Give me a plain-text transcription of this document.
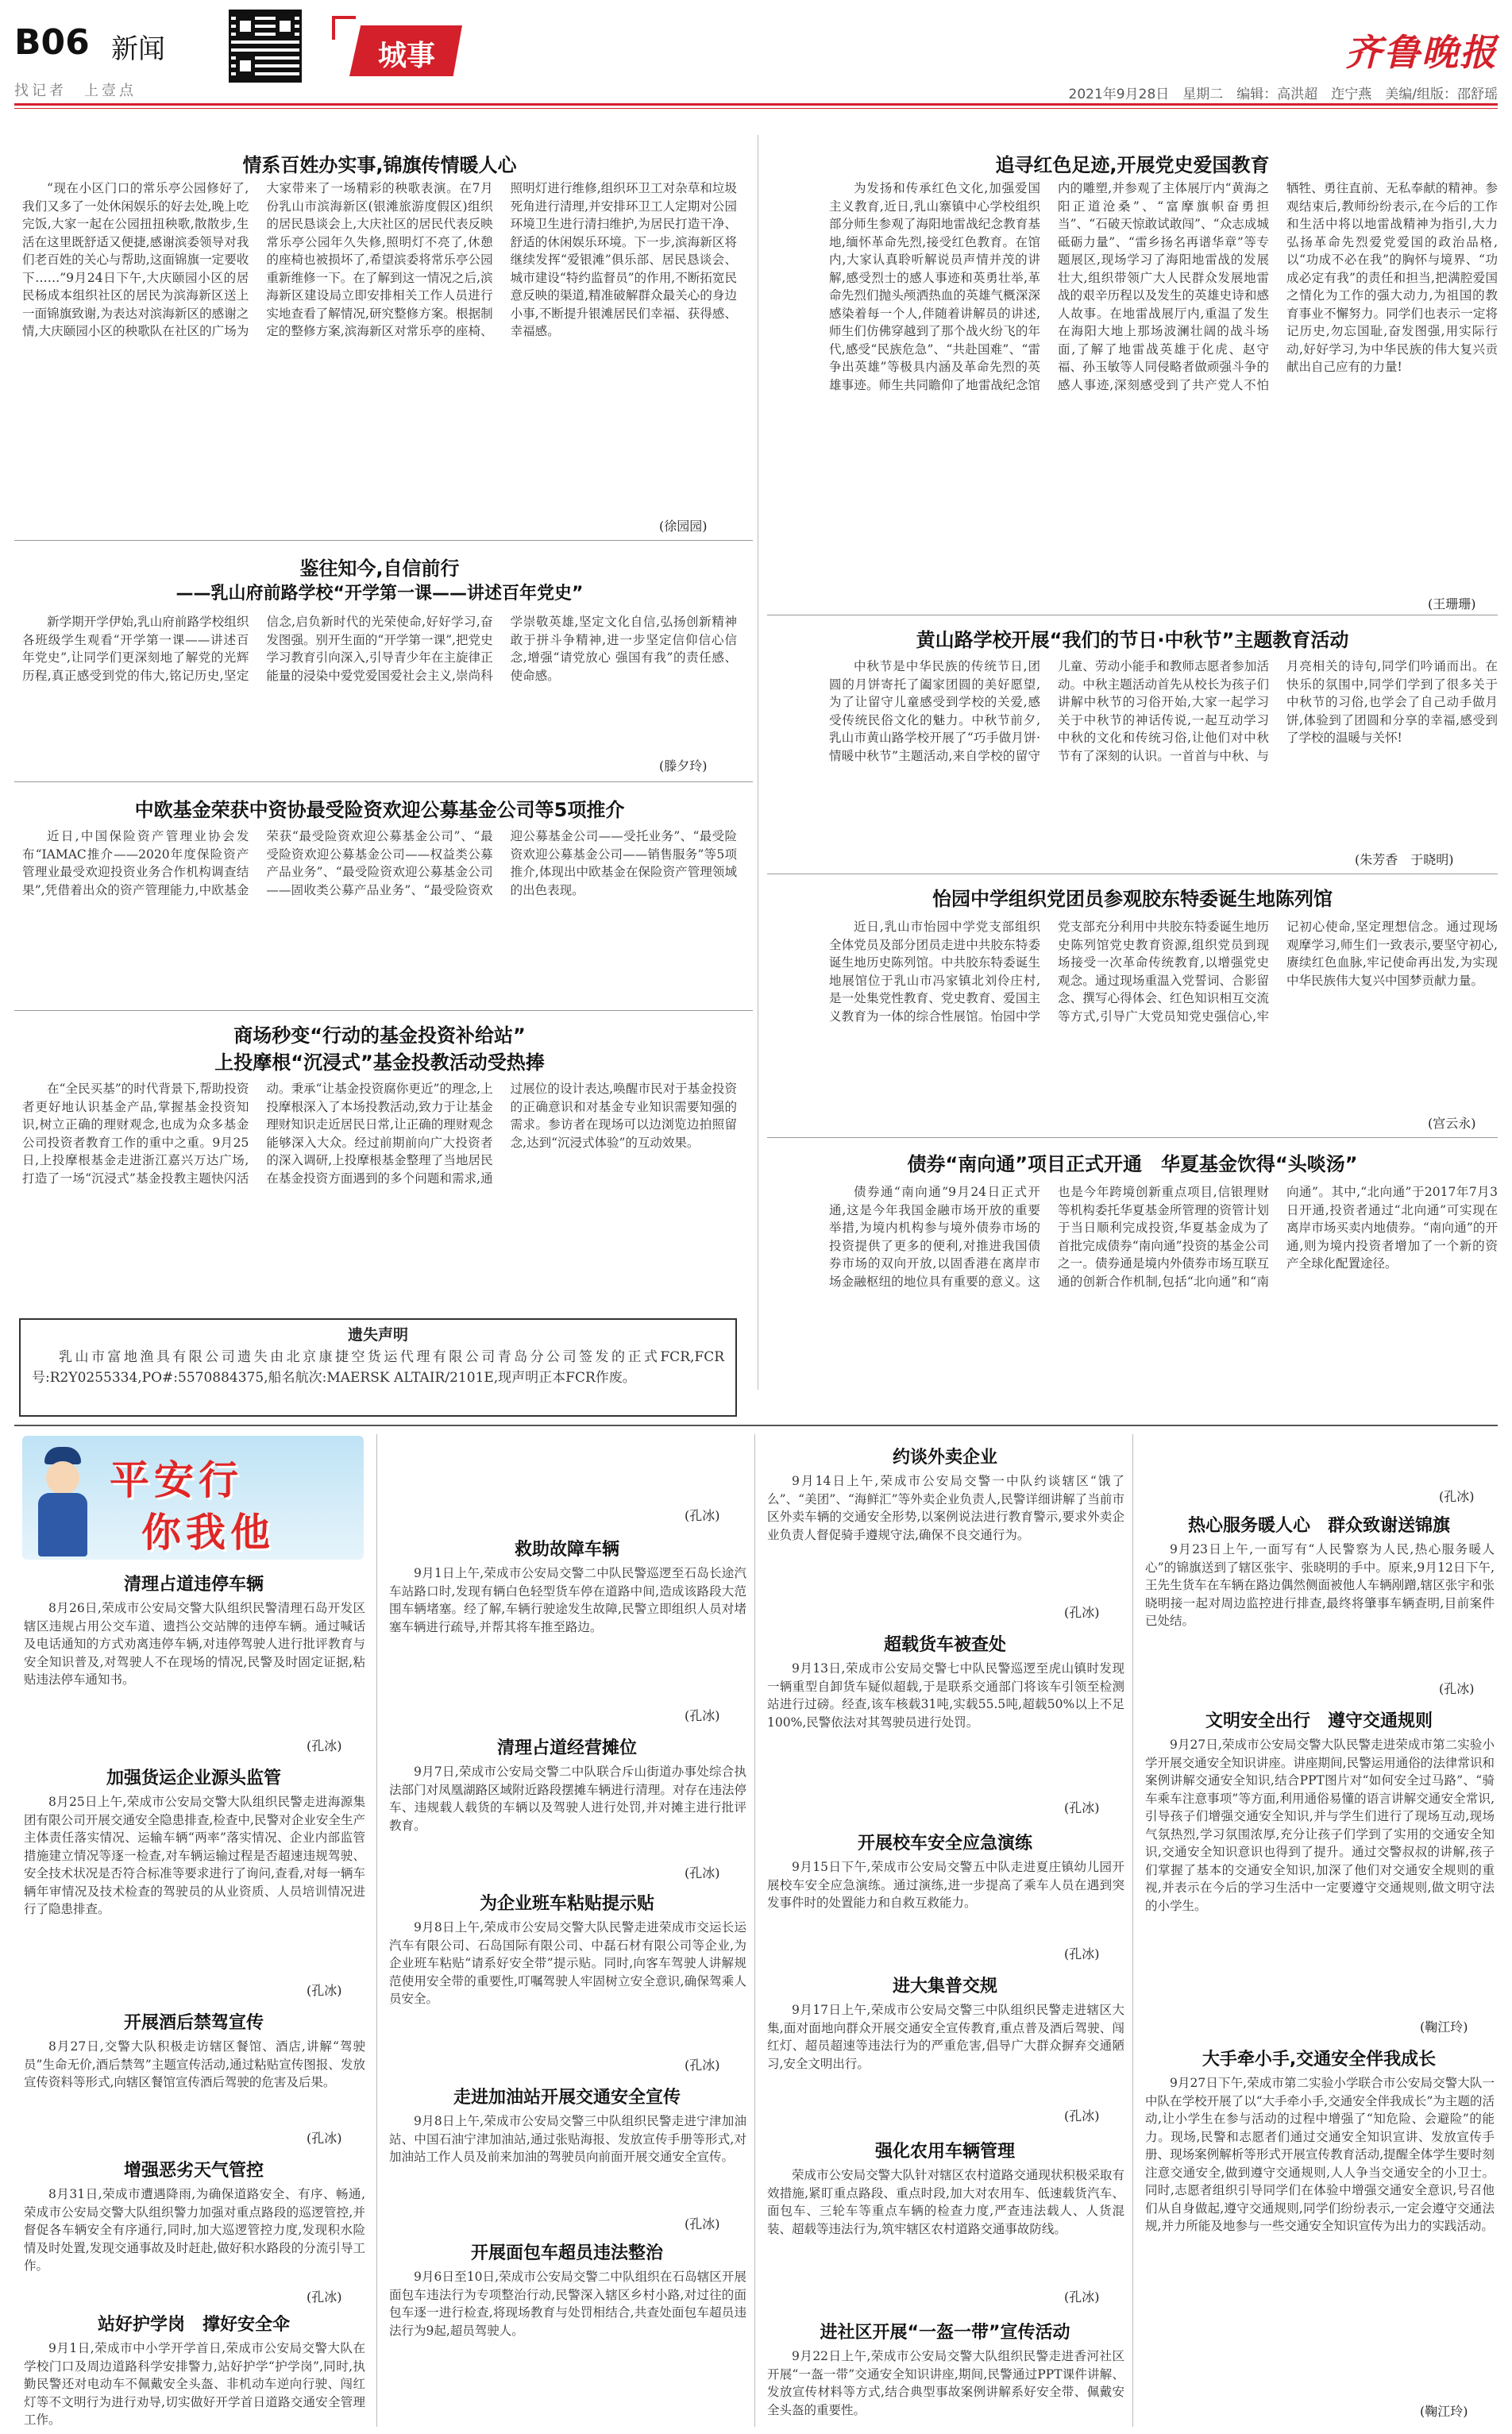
B06 新闻
找记者　上壹点
城事	齐鲁晚报
2021年9月28日　星期二　编辑：高洪超　迮宁燕　美编/组版：邵舒瑶
情系百姓办实事,锦旗传情暖人心
“现在小区门口的常乐亭公园修好了,我们又多了一处休闲娱乐的好去处,晚上吃完饭,大家一起在公园扭扭秧歌,散散步,生活在这里既舒适又便捷,感谢滨委领导对我们老百姓的关心与帮助,这面锦旗一定要收下……”9月24日下午,大庆颐园小区的居民杨成本组织社区的居民为滨海新区送上一面锦旗致谢,为表达对滨海新区的感谢之情,大庆颐园小区的秧歌队在社区的广场为大家带来了一场精彩的秧歌表演。在7月份乳山市滨海新区(银滩旅游度假区)组织的居民恳谈会上,大庆社区的居民代表反映常乐亭公园年久失修,照明灯不亮了,休憩的座椅也被损坏了,希望滨委将常乐亭公园重新维修一下。在了解到这一情况之后,滨海新区建设局立即安排相关工作人员进行实地查看了解情况,研究整修方案。根据制定的整修方案,滨海新区对常乐亭的座椅、照明灯进行维修,组织环卫工对杂草和垃圾死角进行清理,并安排环卫工人定期对公园环境卫生进行清扫维护,为居民打造干净、舒适的休闲娱乐环境。下一步,滨海新区将继续发挥“爱银滩”俱乐部、居民恳谈会、城市建设“特约监督员”的作用,不断拓宽民意反映的渠道,精准破解群众最关心的身边小事,不断提升银滩居民们幸福、获得感、幸福感。
(徐园园)
鉴往知今,自信前行
——乳山府前路学校“开学第一课——讲述百年党史”
新学期开学伊始,乳山府前路学校组织各班级学生观看“开学第一课——讲述百年党史”,让同学们更深刻地了解党的光辉历程,真正感受到党的伟大,铭记历史,坚定信念,启负新时代的光荣使命,好好学习,奋发图强。别开生面的“开学第一课”,把党史学习教育引向深入,引导青少年在主旋律正能量的浸染中爱党爱国爱社会主义,崇尚科学崇敬英雄,坚定文化自信,弘扬创新精神敢于拼斗争精神,进一步坚定信仰信心信念,增强“请党放心 强国有我”的责任感、使命感。
(滕夕玲)
中欧基金荣获中资协最受险资欢迎公募基金公司等5项推介
近日,中国保险资产管理业协会发布“IAMAC推介——2020年度保险资产管理业最受欢迎投资业务合作机构调查结果”,凭借着出众的资产管理能力,中欧基金荣获“最受险资欢迎公募基金公司”、“最受险资欢迎公募基金公司——权益类公募产品业务”、“最受险资欢迎公募基金公司——固收类公募产品业务”、“最受险资欢迎公募基金公司——受托业务”、“最受险资欢迎公募基金公司——销售服务”等5项推介,体现出中欧基金在保险资产管理领域的出色表现。
商场秒变“行动的基金投资补给站”
上投摩根“沉浸式”基金投教活动受热捧
在“全民买基”的时代背景下,帮助投资者更好地认识基金产品,掌握基金投资知识,树立正确的理财观念,也成为众多基金公司投资者教育工作的重中之重。9月25日,上投摩根基金走进浙江嘉兴万达广场,打造了一场“沉浸式”基金投教主题快闪活动。秉承“让基金投资腐你更近”的理念,上投摩根深入了本场投教活动,致力于让基金理财知识走近居民日常,让正确的理财观念能够深入大众。经过前期前向广大投资者的深入调研,上投摩根基金整理了当地居民在基金投资方面遇到的多个问题和需求,通过展位的设计表达,唤醒市民对于基金投资的正确意识和对基金专业知识需要知强的需求。参访者在现场可以边浏览边拍照留念,达到“沉浸式体验”的互动效果。
遗失声明
乳山市富地渔具有限公司遗失由北京康捷空货运代理有限公司青岛分公司签发的正式FCR,FCR号:R2Y0255334,PO#:5570884375,船名航次:MAERSK ALTAIR/2101E,现声明正本FCR作废。
追寻红色足迹,开展党史爱国教育
为发扬和传承红色文化,加强爱国主义教育,近日,乳山寨镇中心学校组织部分师生参观了海阳地雷战纪念教育基地,缅怀革命先烈,接受红色教育。在馆内,大家认真聆听解说员声情并茂的讲解,感受烈士的感人事迹和英勇壮举,革命先烈们抛头颅洒热血的英雄气概深深感染着每一个人,伴随着讲解员的讲述,师生们仿佛穿越到了那个战火纷飞的年代,感受“民族危急”、“共赴国难”、“雷争出英雄”等极具内涵及革命先烈的英雄事迹。师生共同瞻仰了地雷战纪念馆内的雕塑,并参观了主体展厅内“黄海之阳正道沧桑”、“富摩旗帜奋勇担当”、“石破天惊敢试敢闯”、“众志成城砥砺力量”、“雷乡扬名再谱华章”等专题展区,现场学习了海阳地雷战的发展壮大,组织带领广大人民群众发展地雷战的艰辛历程以及发生的英雄史诗和感人故事。在地雷战展厅内,重温了发生在海阳大地上那场波澜壮阔的战斗场面,了解了地雷战英雄于化虎、赵守福、孙玉敏等人同侵略者做顽强斗争的感人事迹,深刻感受到了共产党人不怕牺牲、勇往直前、无私奉献的精神。参观结束后,教师纷纷表示,在今后的工作和生活中将以地雷战精神为指引,大力弘扬革命先烈爱党爱国的政治品格,以“功成不必在我”的胸怀与境界、“功成必定有我”的责任和担当,把满腔爱国之情化为工作的强大动力,为祖国的教育事业不懈努力。同学们也表示一定将记历史,勿忘国耻,奋发图强,用实际行动,好好学习,为中华民族的伟大复兴贡献出自己应有的力量!
(王珊珊)
黄山路学校开展“我们的节日·中秋节”主题教育活动
中秋节是中华民族的传统节日,团圆的月饼寄托了阖家团圆的美好愿望,为了让留守儿童感受到学校的关爱,感受传统民俗文化的魅力。中秋节前夕,乳山市黄山路学校开展了“巧手做月饼·情暖中秋节”主题活动,来自学校的留守儿童、劳动小能手和教师志愿者参加活动。中秋主题活动首先从校长为孩子们讲解中秋节的习俗开始,大家一起学习关于中秋节的神话传说,一起互动学习中秋的文化和传统习俗,让他们对中秋节有了深刻的认识。一首首与中秋、与月亮相关的诗句,同学们吟诵而出。在快乐的氛围中,同学们学到了很多关于中秋节的习俗,也学会了自己动手做月饼,体验到了团圆和分享的幸福,感受到了学校的温暖与关怀!
(朱芳香　于晓明)
怡园中学组织党团员参观胶东特委诞生地陈列馆
近日,乳山市怡园中学党支部组织全体党员及部分团员走进中共胶东特委诞生地历史陈列馆。中共胶东特委诞生地展馆位于乳山市冯家镇北刘伶庄村,是一处集党性教育、党史教育、爱国主义教育为一体的综合性展馆。怡园中学党支部充分利用中共胶东特委诞生地历史陈列馆党史教育资源,组织党员到现场接受一次革命传统教育,以增强党史观念。通过现场重温入党誓词、合影留念、撰写心得体会、红色知识相互交流等方式,引导广大党员知党史强信心,牢记初心使命,坚定理想信念。通过现场观摩学习,师生们一致表示,要坚守初心,赓续红色血脉,牢记使命再出发,为实现中华民族伟大复兴中国梦贡献力量。
(宫云永)
债券“南向通”项目正式开通　华夏基金饮得“头啖汤”
债券通“南向通”9月24日正式开通,这是今年我国金融市场开放的重要举措,为境内机构参与境外债券市场的投资提供了更多的便利,对推进我国债券市场的双向开放,以固香港在离岸市场金融枢纽的地位具有重要的意义。这也是今年跨境创新重点项目,信银理财等机构委托华夏基金所管理的资管计划于当日顺利完成投资,华夏基金成为了首批完成债券“南向通”投资的基金公司之一。债券通是境内外债券市场互联互通的创新合作机制,包括“北向通”和“南向通”。其中,“北向通”于2017年7月3日开通,投资者通过“北向通”可实现在离岸市场买卖内地债券。“南向通”的开通,则为境内投资者增加了一个新的资产全球化配置途径。
平安行
你我他
清理占道违停车辆
8月26日,荣成市公安局交警大队组织民警清理石岛开发区辖区违规占用公交车道、遗挡公交站牌的违停车辆。通过喊话及电话通知的方式劝离违停车辆,对违停驾驶人进行批评教育与安全知识普及,对驾驶人不在现场的情况,民警及时固定证据,粘贴违法停车通知书。
(孔冰)
加强货运企业源头监管
8月25日上午,荣成市公安局交警大队组织民警走进海源集团有限公司开展交通安全隐患排查,检查中,民警对企业安全生产主体责任落实情况、运输车辆“两率”落实情况、企业内部监管措施建立情况等逐一检查,对车辆运输过程是否超速违规驾驶、安全技术状况是否符合标准等要求进行了询问,查看,对每一辆车辆年审情况及技术检查的驾驶员的从业资质、人员培训情况进行了隐患排查。
(孔冰)
开展酒后禁驾宣传
8月27日,交警大队积极走访辖区餐馆、酒店,讲解“驾驶员”生命无价,酒后禁驾”主题宣传活动,通过粘贴宣传图报、发放宣传资料等形式,向辖区餐馆宣传酒后驾驶的危害及后果。
(孔冰)
增强恶劣天气管控
8月31日,荣成市遭遇降雨,为确保道路安全、有序、畅通,荣成市公安局交警大队组织警力加强对重点路段的巡逻管控,并督促各车辆安全有序通行,同时,加大巡逻管控力度,发现积水险情及时处置,发现交通事故及时赶赴,做好积水路段的分流引导工作。
(孔冰)
站好护学岗　撑好安全伞
9月1日,荣成市中小学开学首日,荣成市公安局交警大队在学校门口及周边道路科学安排警力,站好护学“护学岗”,同时,执勤民警还对电动车不佩戴安全头盔、非机动车逆向行驶、闯红灯等不文明行为进行劝导,切实做好开学首日道路交通安全管理工作。
(孔冰)
救助故障车辆
9月1日上午,荣成市公安局交警二中队民警巡逻至石岛长途汽车站路口时,发现有辆白色轻型货车停在道路中间,造成该路段大范围车辆堵塞。经了解,车辆行驶途发生故障,民警立即组织人员对堵塞车辆进行疏导,并帮其将车推至路边。
(孔冰)
清理占道经营摊位
9月7日,荣成市公安局交警二中队联合斥山街道办事处综合执法部门对凤凰湖路区域附近路段摆摊车辆进行清理。对存在违法停车、违规载人载货的车辆以及驾驶人进行处罚,并对摊主进行批评教育。
(孔冰)
为企业班车粘贴提示贴
9月8日上午,荣成市公安局交警大队民警走进荣成市交运长运汽车有限公司、石岛国际有限公司、中磊石材有限公司等企业,为企业班车粘贴“请系好安全带”提示贴。同时,向客车驾驶人讲解规范使用安全带的重要性,叮嘱驾驶人牢固树立安全意识,确保驾乘人员安全。
(孔冰)
走进加油站开展交通安全宣传
9月8日上午,荣成市公安局交警三中队组织民警走进宁津加油站、中国石油宁津加油站,通过张贴海报、发放宣传手册等形式,对加油站工作人员及前来加油的驾驶员向前面开展交通安全宣传。
(孔冰)
开展面包车超员违法整治
9月6日至10日,荣成市公安局交警二中队组织在石岛辖区开展面包车违法行为专项整治行动,民警深入辖区乡村小路,对过往的面包车逐一进行检查,将现场教育与处罚相结合,共查处面包车超员违法行为9起,超员驾驶人。
约谈外卖企业
9月14日上午,荣成市公安局交警一中队约谈辖区“饿了么”、“美团”、“海鲜汇”等外卖企业负责人,民警详细讲解了当前市区外卖车辆的交通安全形势,以案例说法进行教育警示,要求外卖企业负责人督促骑手遵规守法,确保不良交通行为。
(孔冰)
超载货车被查处
9月13日,荣成市公安局交警七中队民警巡逻至虎山镇时发现一辆重型自卸货车疑似超载,于是联系交通部门将该车引领至检测站进行过磅。经查,该车核载31吨,实载55.5吨,超载50%以上不足100%,民警依法对其驾驶员进行处罚。
(孔冰)
开展校车安全应急演练
9月15日下午,荣成市公安局交警五中队走进夏庄镇幼儿园开展校车安全应急演练。通过演练,进一步提高了乘车人员在遇到突发事件时的处置能力和自救互救能力。
(孔冰)
进大集普交规
9月17日上午,荣成市公安局交警三中队组织民警走进辖区大集,面对面地向群众开展交通安全宣传教育,重点普及酒后驾驶、闯红灯、超员超速等违法行为的严重危害,倡导广大群众摒弃交通陋习,安全文明出行。
(孔冰)
强化农用车辆管理
荣成市公安局交警大队针对辖区农村道路交通现状积极采取有效措施,紧盯重点路段、重点时段,加大对农用车、低速载货汽车、面包车、三轮车等重点车辆的检查力度,严查违法载人、人货混装、超载等违法行为,筑牢辖区农村道路交通事故防线。
(孔冰)
进社区开展“一盔一带”宣传活动
9月22日上午,荣成市公安局交警大队组织民警走进香河社区开展“一盔一带”交通安全知识讲座,期间,民警通过PPT课件讲解、发放宣传材料等方式,结合典型事故案例讲解系好安全带、佩戴安全头盔的重要性。
(孔冰)
热心服务暖人心　群众致谢送锦旗
9月23日上午,一面写有“人民警察为人民,热心服务暖人心”的锦旗送到了辖区张宇、张晓明的手中。原来,9月12日下午,王先生货车在车辆在路边偶然侧面被他人车辆剐蹭,辖区张宇和张晓明接一起对周边监控进行排查,最终将肇事车辆查明,目前案件已处结。
(孔冰)
文明安全出行　遵守交通规则
9月27日,荣成市公安局交警大队民警走进荣成市第二实验小学开展交通安全知识讲座。讲座期间,民警运用通俗的法律常识和案例讲解交通安全知识,结合PPT图片对“如何安全过马路”、“骑车乘车注意事项”等方面,利用通俗易懂的语言讲解交通安全常识,引导孩子们增强交通安全知识,并与学生们进行了现场互动,现场气氛热烈,学习氛围浓厚,充分让孩子们学到了实用的交通安全知识,交通安全知识意识也得到了提升。通过交警叔叔的讲解,孩子们掌握了基本的交通安全知识,加深了他们对交通安全规则的重视,并表示在今后的学习生活中一定要遵守交通规则,做文明守法的小学生。
(鞠江玲)
大手牵小手,交通安全伴我成长
9月27日下午,荣成市第二实验小学联合市公安局交警大队一中队在学校开展了以“大手牵小手,交通安全伴我成长”为主题的活动,让小学生在参与活动的过程中增强了“知危险、会避险”的能力。现场,民警和志愿者们通过交通安全知识宣讲、发放宣传手册、现场案例解析等形式开展宣传教育活动,提醒全体学生要时刻注意交通安全,做到遵守交通规则,人人争当交通安全的小卫士。同时,志愿者组织引导同学们在体验中增强交通安全意识,号召他们从自身做起,遵守交通规则,同学们纷纷表示,一定会遵守交通法规,并力所能及地参与一些交通安全知识宣传为出力的实践活动。
(鞠江玲)
